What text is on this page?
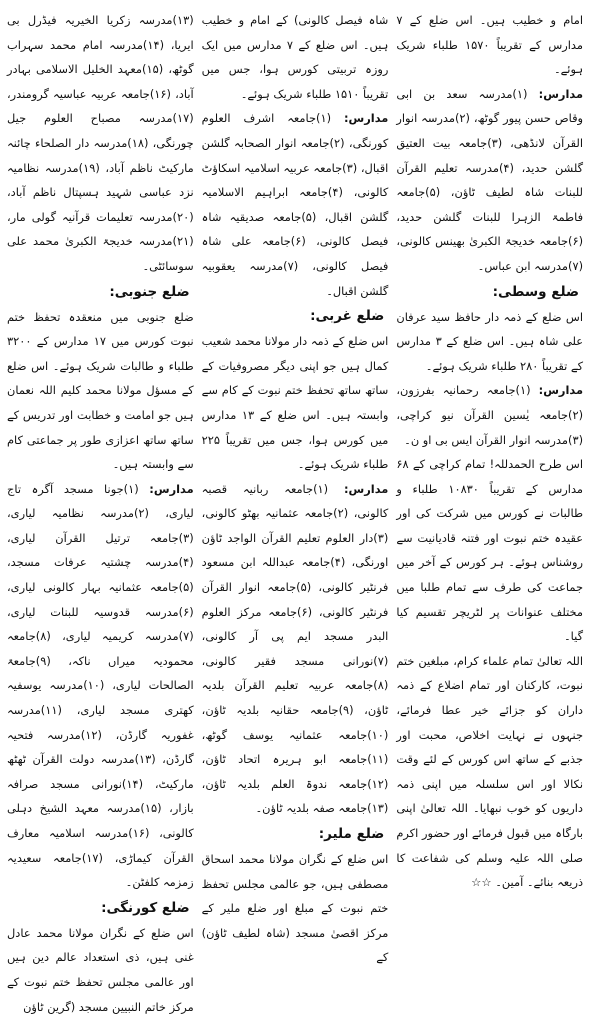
(۱۳)مدرسہ زکریا الخیریہ فیڈرل بی ایریا، (۱۴)مدرسہ امام محمد سہراب گوٹھ، (۱۵)معہد الخلیل الاسلامی بہادر آباد، (۱۶)جامعہ عربیہ عباسیہ گرومندر، (۱۷)مدرسہ مصباح العلوم جیل چورنگی، (۱۸)مدرسہ دار الصلحاء چائنہ مارکیٹ ناظم آباد، (۱۹)مدرسہ نظامیہ نزد عباسی شہید ہسپتال ناظم آباد، (۲۰)مدرسہ تعلیمات قرآنیہ گولی مار، (۲۱)مدرسہ خدیجۃ الکبریٰ محمد علی سوسائٹی۔

ضلع جنوبی:

ضلع جنوبی میں منعقدہ تحفظ ختم نبوت کورس میں ۱۷ مدارس کے ۳۲۰۰ طلباء و طالبات شریک ہوئے۔ اس ضلع کے مسؤل مولانا محمد کلیم اللہ نعمان ہیں جو امامت و خطابت اور تدریس کے ساتھ ساتھ اعزازی طور پر جماعتی کام سے وابستہ ہیں۔

مدارس: (۱)جونا مسجد آگرہ تاج لیاری، (۲)مدرسہ نظامیہ لیاری، (۳)جامعہ ترتیل القرآن لیاری، (۴)مدرسہ چشتیہ عرفات مسجد، (۵)جامعہ عثمانیہ بہار کالونی لیاری، (۶)مدرسہ قدوسیہ للبنات لیاری، (۷)مدرسہ کریمیہ لیاری، (۸)جامعہ محمودیہ میراں ناکہ، (۹)جامعۃ الصالحات لیاری، (۱۰)مدرسہ یوسفیہ کھتری مسجد لیاری، (۱۱)مدرسہ غفوریہ گارڈن، (۱۲)مدرسہ فتحیہ گارڈن، (۱۳)مدرسہ دولت القرآن ٹھٹھ مارکیٹ، (۱۴)نورانی مسجد صرافہ بازار، (۱۵)مدرسہ معہد الشیخ دہلی کالونی، (۱۶)مدرسہ اسلامیہ معارف القرآن کیماڑی، (۱۷)جامعہ سعیدیہ زمزمہ کلفٹن۔

ضلع کورنگی:

اس ضلع کے نگران مولانا محمد عادل غنی ہیں، ذی استعداد عالم دین ہیں اور عالمی مجلس تحفظ ختم نبوت کے مرکز خاتم النبیین مسجد (گرین ٹاؤن

شاہ فیصل کالونی) کے امام و خطیب ہیں۔ اس ضلع کے ۷ مدارس میں ایک روزہ تربیتی کورس ہوا، جس میں تقریباً ۱۵۱۰ طلباء شریک ہوئے۔

مدارس: (۱)جامعہ اشرف العلوم کورنگی، (۲)جامعہ انوار الصحابہ گلشن اقبال، (۳)جامعہ عربیہ اسلامیہ اسکاؤٹ کالونی، (۴)جامعہ ابراہیم الاسلامیہ گلشن اقبال، (۵)جامعہ صدیقیہ شاہ فیصل کالونی، (۶)جامعہ علی شاہ فیصل کالونی، (۷)مدرسہ یعقوبیہ گلشن اقبال۔

ضلع غربی:

اس ضلع کے ذمہ دار مولانا محمد شعیب کمال ہیں جو اپنی دیگر مصروفیات کے ساتھ ساتھ تحفظ ختم نبوت کے کام سے وابستہ ہیں۔ اس ضلع کے ۱۳ مدارس میں کورس ہوا، جس میں تقریباً ۲۲۵ طلباء شریک ہوئے۔

مدارس: (۱)جامعہ ربانیہ قصبہ کالونی، (۲)جامعہ عثمانیہ بھٹو کالونی، (۳)دار العلوم تعلیم القرآن الواجد ٹاؤن اورنگی، (۴)جامعہ عبداللہ ابن مسعود فرنٹیر کالونی، (۵)جامعہ انوار القرآن فرنٹیر کالونی، (۶)جامعہ مرکز العلوم البدر مسجد ایم پی آر کالونی، (۷)نورانی مسجد فقیر کالونی، (۸)جامعہ عربیہ تعلیم القرآن بلدیہ ٹاؤن، (۹)جامعہ حقانیہ بلدیہ ٹاؤن، (۱۰)جامعہ عثمانیہ یوسف گوٹھ، (۱۱)جامعہ ابو ہریرہ اتحاد ٹاؤن، (۱۲)جامعہ ندوۃ العلم بلدیہ ٹاؤن، (۱۳)جامعہ صفہ بلدیہ ٹاؤن۔

ضلع ملیر:

اس ضلع کے نگران مولانا محمد اسحاق مصطفی ہیں، جو عالمی مجلس تحفظ ختم نبوت کے مبلغ اور ضلع ملیر کے مرکز اقصیٰ مسجد (شاہ لطیف ٹاؤن) کے

امام و خطیب ہیں۔ اس ضلع کے ۷ مدارس کے تقریباً ۱۵۷۰ طلباء شریک ہوئے۔

مدارس: (۱)مدرسہ سعد بن ابی وقاص حسن پیور گوٹھ، (۲)مدرسہ انوار القرآن لانڈھی، (۳)جامعہ بیت العتیق گلشن حدید، (۴)مدرسہ تعلیم القرآن للبنات شاہ لطیف ٹاؤن، (۵)جامعہ فاطمۃ الزہرا للبنات گلشن حدید، (۶)جامعہ خدیجۃ الکبریٰ بھینس کالونی، (۷)مدرسہ ابن عباس۔

ضلع وسطی:

اس ضلع کے ذمہ دار حافظ سید عرفان علی شاہ ہیں۔ اس ضلع کے ۳ مدارس کے تقریباً ۲۸۰ طلباء شریک ہوئے۔

مدارس: (۱)جامعہ رحمانیہ بفرزون، (۲)جامعہ یٰسین القرآن نیو کراچی، (۳)مدرسہ انوار القرآن ایس بی او ن۔

اس طرح الحمدللہ! تمام کراچی کے ۶۸ مدارس کے تقریباً ۱۰۸۳۰ طلباء و طالبات نے کورس میں شرکت کی اور عقیدہ ختم نبوت اور فتنہ قادیانیت سے روشناس ہوئے۔ ہر کورس کے آخر میں جماعت کی طرف سے تمام طلبا میں مختلف عنوانات پر لٹریچر تقسیم کیا گیا۔

اللہ تعالیٰ تمام علماء کرام، مبلغین ختم نبوت، کارکنان اور تمام اضلاع کے ذمہ داران کو جزائے خیر عطا فرمائے، جنہوں نے نہایت اخلاص، محبت اور جذبے کے ساتھ اس کورس کے لئے وقت نکالا اور اس سلسلہ میں اپنی ذمہ داریوں کو خوب نبھایا۔ اللہ تعالیٰ اپنی بارگاہ میں قبول فرمائے اور حضور اکرم صلی اللہ علیہ وسلم کی شفاعت کا ذریعہ بنائے۔ آمین۔ ☆☆
